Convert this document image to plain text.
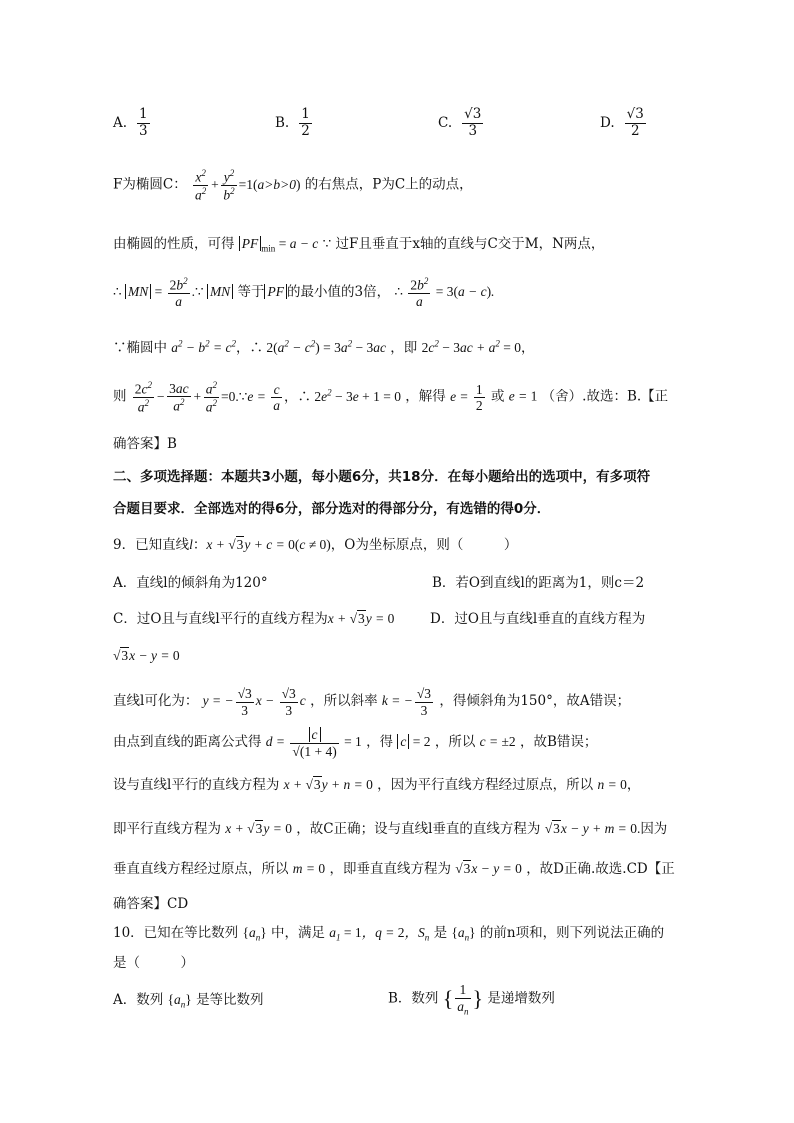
A. $\frac{1}{3}$	B. $\frac{1}{2}$	C. $\frac{√3}{3}$	D. $\frac{√3}{2}$
F为椭圆C： $\frac{x^2}{a^2} + \frac{y^2}{b^2} =1(a>b>0)$ 的右焦点，P为C上的动点，
由椭圆的性质，可得 PF $_{min}$ = a − c ∵ 过F且垂直于x轴的直线与C交于M，N两点，
∴ MN = $\frac{2b^2}{a}$ .∵ MN 等于 PF 的最小值的3倍， ∴ $\frac{2b^2}{a} = 3(a - c)$.
∵椭圆中 $a^2 - b^2 = c^2$，∴ $2(a^2 - c^2) = 3a^2 - 3ac$ ，即 $2c^2 - 3ac + a^2 = 0$，
则 $\frac{2c^2}{a^2} - \frac{3ac}{a^2} + \frac{a^2}{a^2}$ =0.∵e = $\frac{c}{a}$ ，∴ $2e^2 - 3e + 1 = 0$ ，解得 $e = \frac{1}{2}$ 或 e = 1 （舍）.故选：B.【正
确答案】B
二、多项选择题：本题共3小题，每小题6分，共18分．在每小题给出的选项中，有多项符
合题目要求．全部选对的得6分，部分选对的得部分分，有选错的得0分．
9．已知直线l：x + √3y + c = 0(c ≠ 0)，O为坐标原点，则（　　　）
A．直线l的倾斜角为120°	B．若O到直线l的距离为1，则c＝2
C．过O且与直线l平行的直线方程为x + √3y = 0	D．过O且与直线l垂直的直线方程为
√3x − y = 0
直线l可化为： y = − $\frac{√3}{3}$ $x - \frac{√3}{3}$ c ，所以斜率 k = − $\frac{√3}{3}$ ，得倾斜角为150°，故A错误；
由点到直线的距离公式得 $d = \frac{c}{√(1 + 4)} = 1$ ，得 c = 2 ，所以 c = ±2 ，故B错误；
设与直线l平行的直线方程为 x + √3y + n = 0 ，因为平行直线方程经过原点，所以 n = 0，
即平行直线方程为 x + √3y = 0 ，故C正确；设与直线l垂直的直线方程为 √3x − y + m = 0.因为
垂直直线方程经过原点，所以 m = 0 ，即垂直直线方程为 √3x − y = 0 ，故D正确.故选.CD【正
确答案】CD
10．已知在等比数列 $\{a_n\}$ 中，满足 $a_1 = 1$，q = 2，$S_n$ 是 $\{a_n\}$ 的前n项和，则下列说法正确的
是（　　　）
A．数列 $\{a_n\}$ 是等比数列	B．数列 { $\frac{1}{a_n}$ } 是递增数列
